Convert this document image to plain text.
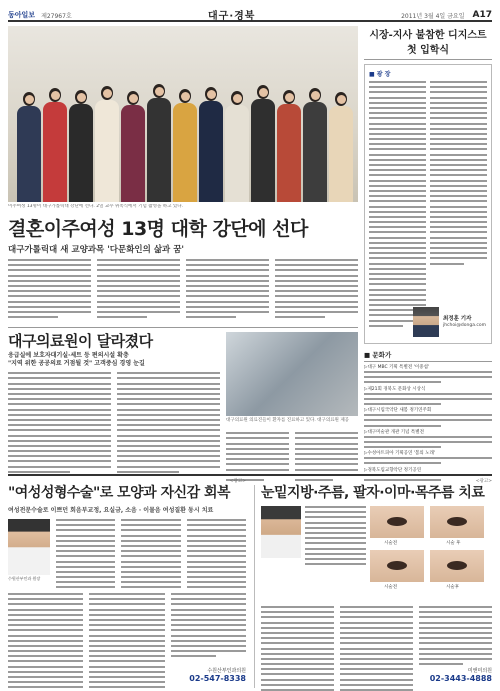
동아일보 제27967호	대구·경북	2011년 3월 4일 금요일 A17
이주여성 13명이 대구가톨릭대 강단에 선다. 2일 교수 위촉식에서 기념 촬영을 하고 있다.
결혼이주여성 13명 대학 강단에 선다
대구가톨릭대 새 교양과목 '다문화인의 삶과 꿈'
대구의료원이 달라졌다
응급실에 보호자대기실·세트 등 편의시설 확충
"지역 위한 공공의료 거점될 것" 고객중심 경영 눈길
대구의료원 의료진들이 환자를 진료하고 있다. 대구의료원 제공
시장-지사 불참한 디지스트 첫 입학식
■ 광 장
최정훈 기자
jhchoi@donga.com
■ 문화가
▷대구 MBC 기획 특별전 '이중섭'
▷제21회 경북도 문화상 시상식
▷대구시립국악단 새봄 정기연주회
▷대구미술관 개관 기념 특별전
▷수성아트피아 기획공연 '봄의 노래'
▷경북도립교향악단 정기공연
<광고>
"여성성형수술"로 모양과 자신감 회복
여성전문수술로 이쁘던 회음부교정, 요실금, 소음 · 이물음 여성질환 동시 치료
수원산부인과 원장
수원산부인과의원
02-547-8338
<광고>
눈밑지방·주름, 팔자·이마·목주름 치료
시술전	시술 후
시술전	시술후
미앤미의원
02-3443-4888
